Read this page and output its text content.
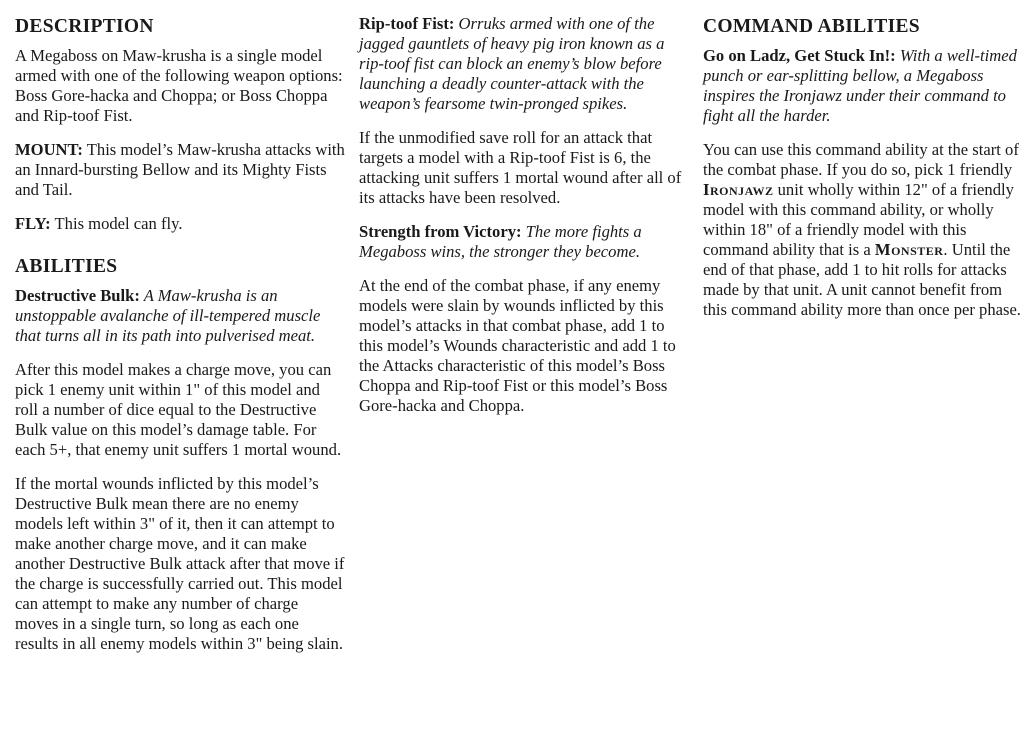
DESCRIPTION

A Megaboss on Maw-krusha is a single model armed with one of the following weapon options: Boss Gore-hacka and Choppa; or Boss Choppa and Rip-toof Fist.

MOUNT: This model’s Maw-krusha attacks with an Innard-bursting Bellow and its Mighty Fists and Tail.

FLY: This model can fly.

ABILITIES

Destructive Bulk: A Maw-krusha is an unstoppable avalanche of ill-tempered muscle that turns all in its path into pulverised meat.

After this model makes a charge move, you can pick 1 enemy unit within 1" of this model and roll a number of dice equal to the Destructive Bulk value on this model’s damage table. For each 5+, that enemy unit suffers 1 mortal wound.

If the mortal wounds inflicted by this model’s Destructive Bulk mean there are no enemy models left within 3" of it, then it can attempt to make another charge move, and it can make another Destructive Bulk attack after that move if the charge is successfully carried out. This model can attempt to make any number of charge moves in a single turn, so long as each one results in all enemy models within 3" being slain.

Rip-toof Fist: Orruks armed with one of the jagged gauntlets of heavy pig iron known as a rip-toof fist can block an enemy’s blow before launching a deadly counter-attack with the weapon’s fearsome twin-pronged spikes.

If the unmodified save roll for an attack that targets a model with a Rip-toof Fist is 6, the attacking unit suffers 1 mortal wound after all of its attacks have been resolved.

Strength from Victory: The more fights a Megaboss wins, the stronger they become.

At the end of the combat phase, if any enemy models were slain by wounds inflicted by this model’s attacks in that combat phase, add 1 to this model’s Wounds characteristic and add 1 to the Attacks characteristic of this model’s Boss Choppa and Rip-toof Fist or this model’s Boss Gore-hacka and Choppa.

COMMAND ABILITIES

Go on Ladz, Get Stuck In!: With a well-timed punch or ear-splitting bellow, a Megaboss inspires the Ironjawz under their command to fight all the harder.

You can use this command ability at the start of the combat phase. If you do so, pick 1 friendly Ironjawz unit wholly within 12" of a friendly model with this command ability, or wholly within 18" of a friendly model with this command ability that is a Monster. Until the end of that phase, add 1 to hit rolls for attacks made by that unit. A unit cannot benefit from this command ability more than once per phase.
